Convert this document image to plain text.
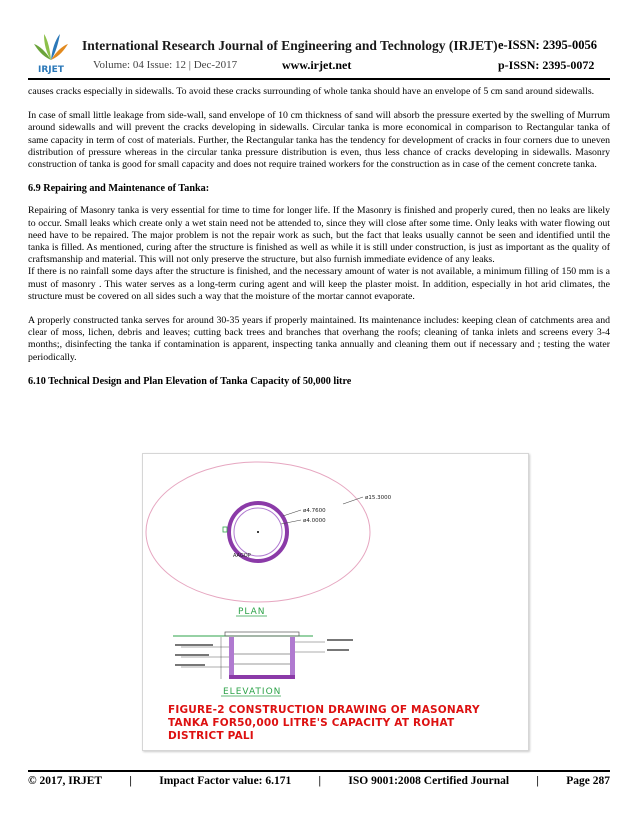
IRJET
International Research Journal of Engineering and Technology (IRJET) e-ISSN: 2395-0056
Volume: 04 Issue: 12 | Dec-2017	www.irjet.net	p-ISSN: 2395-0072

causes cracks especially in sidewalls. To avoid these cracks surrounding of whole tanka should have an envelope of 5 cm sand around sidewalls.

In case of small little leakage from side-wall, sand envelope of 10 cm thickness of sand will absorb the pressure exerted by the swelling of Murrum around sidewalls and will prevent the cracks developing in sidewalls. Circular tanka is more economical in comparison to Rectangular tanka of same capacity in term of cost of materials. Further, the Rectangular tanka has the tendency for development of cracks in four corners due to uneven distribution of pressure whereas in the circular tanka pressure distribution is even, thus less chance of cracks developing in sidewalls. Masonry construction of tanka is good for small capacity and does not require trained workers for the construction as in case of the cement concrete tanka.

6.9 Repairing and Maintenance of Tanka:

Repairing of Masonry tanka is very essential for time to time for longer life. If the Masonry is finished and properly cured, then no leaks are likely to occur. Small leaks which create only a wet stain need not be attended to, since they will close after some time. Only leaks with water flowing out need have to be repaired. The major problem is not the repair work as such, but the fact that leaks usually cannot be seen and identified until the tanka is filled. As mentioned, curing after the structure is finished as well as while it is still under construction, is just as important as the quality of craftsmanship and material. This will not only preserve the structure, but also furnish immediate evidence of any leaks.

If there is no rainfall some days after the structure is finished, and the necessary amount of water is not available, a minimum filling of 150 mm is a must of masonry . This water serves as a long-term curing agent and will keep the plaster moist. In addition, especially in hot arid climates, the structure must be covered on all sides such a way that the moisture of the mortar cannot evaporate.

A properly constructed tanka serves for around 30-35 years if properly maintained. Its maintenance includes: keeping clean of catchments area and clear of moss, lichen, debris and leaves; cutting back trees and branches that overhang the roofs; cleaning of tanka inlets and screens every 3-4 months;, disinfecting the tanka if contamination is apparent, inspecting tanka annually and cleaning them out if necessary and ; testing the water periodically.

6.10 Technical Design and Plan Elevation of Tanka Capacity of 50,000 litre
ø15.3000
ø4.7600
ø4.0000
AAGOP
PLAN
ELEVATION
FIGURE-2 CONSTRUCTION DRAWING OF MASONARY
TANKA FOR50,000 LITRE'S CAPACITY AT ROHAT
DISTRICT PALI
© 2017, IRJET | Impact Factor value: 6.171 | ISO 9001:2008 Certified Journal | Page 287
